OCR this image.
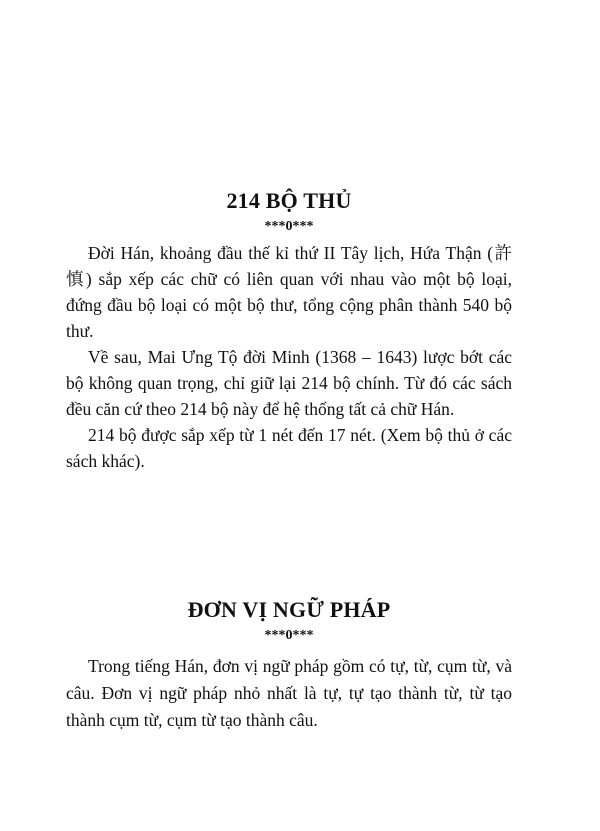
214 BỘ THỦ
***0***

Đời Hán, khoảng đầu thế kỉ thứ II Tây lịch, Hứa Thận (許慎) sắp xếp các chữ có liên quan với nhau vào một bộ loại, đứng đầu bộ loại có một bộ thư, tổng cộng phân thành 540 bộ thư.

Về sau, Mai Ưng Tộ đời Minh (1368 – 1643) lược bớt các bộ không quan trọng, chỉ giữ lại 214 bộ chính. Từ đó các sách đều căn cứ theo 214 bộ này để hệ thống tất cả chữ Hán.

214 bộ được sắp xếp từ 1 nét đến 17 nét. (Xem bộ thủ ở các sách khác).

ĐƠN VỊ NGỮ PHÁP
***0***

Trong tiếng Hán, đơn vị ngữ pháp gồm có tự, từ, cụm từ, và câu. Đơn vị ngữ pháp nhỏ nhất là tự, tự tạo thành từ, từ tạo thành cụm từ, cụm từ tạo thành câu.
